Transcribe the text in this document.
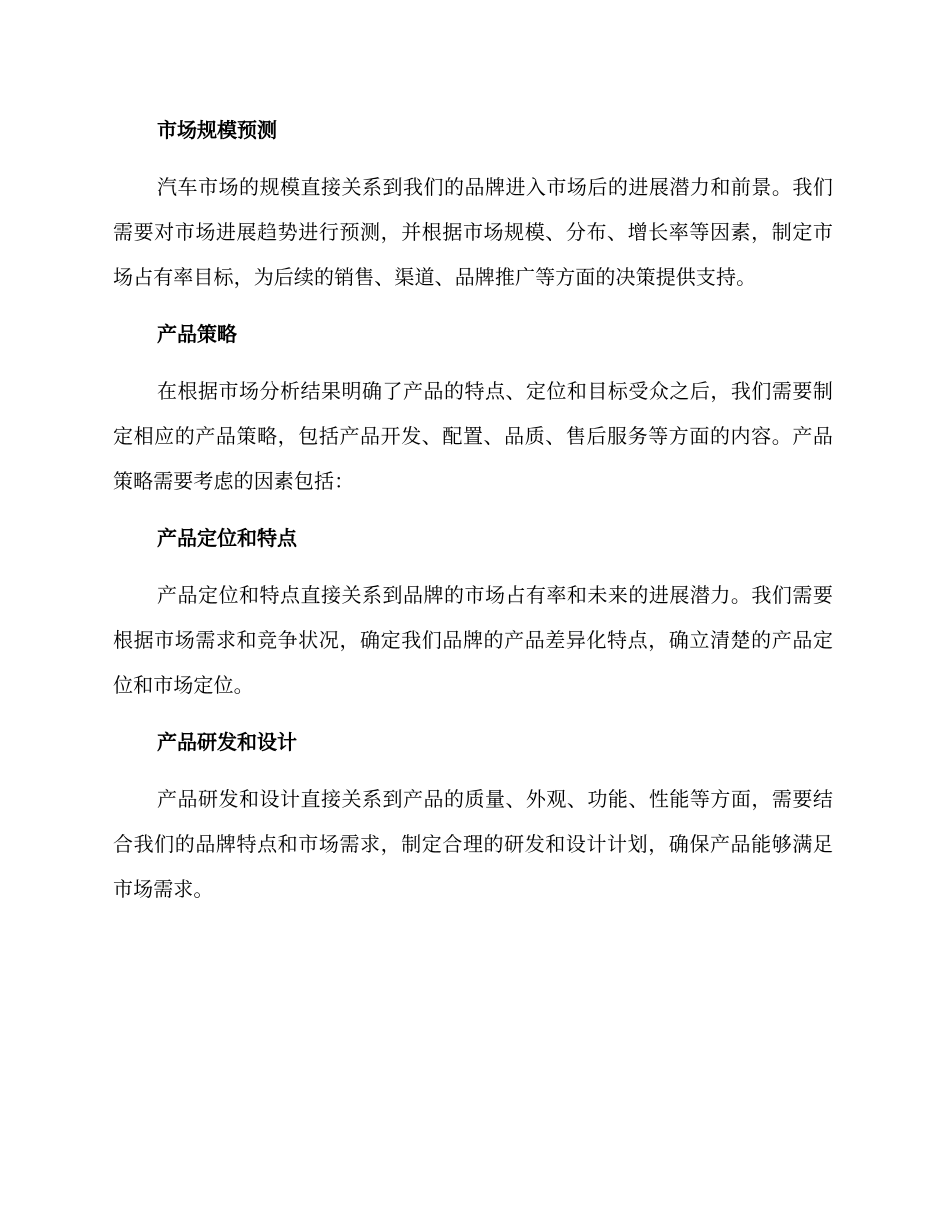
市场规模预测

汽车市场的规模直接关系到我们的品牌进入市场后的进展潜力和前景。我们需要对市场进展趋势进行预测，并根据市场规模、分布、增长率等因素，制定市场占有率目标，为后续的销售、渠道、品牌推广等方面的决策提供支持。

产品策略

在根据市场分析结果明确了产品的特点、定位和目标受众之后，我们需要制定相应的产品策略，包括产品开发、配置、品质、售后服务等方面的内容。产品策略需要考虑的因素包括：

产品定位和特点

产品定位和特点直接关系到品牌的市场占有率和未来的进展潜力。我们需要根据市场需求和竞争状况，确定我们品牌的产品差异化特点，确立清楚的产品定位和市场定位。

产品研发和设计

产品研发和设计直接关系到产品的质量、外观、功能、性能等方面，需要结合我们的品牌特点和市场需求，制定合理的研发和设计计划，确保产品能够满足市场需求。
